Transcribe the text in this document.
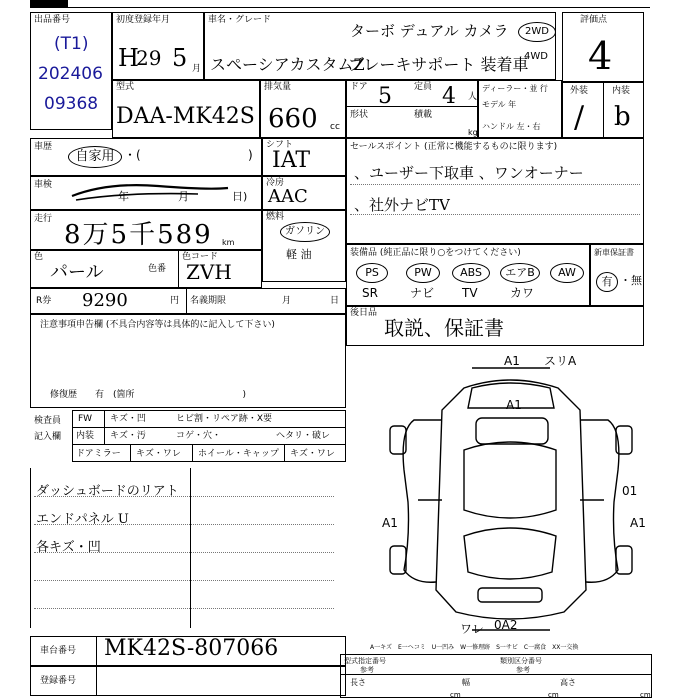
出品番号
(T1)
202406
09368
初度登録年月
H
29 5 月
車名・グレード
スペーシアカスタムZ
ターボ デュアル カメラ
ブレーキサポート 装着車
2WD
4WD
評価点
4
外装	内装
/ b
型式
DAA-MK42S
排気量
660 cc
ドア 5 定員 4 人
形状	積載
kg
ディーラー・並 行
モデル 年
ハンドル 左・右
車歴
自家用 ・(	)
シフト
IAT
セールスポイント (正常に機能するものに限ります)
、ユーザー下取車 、ワンオーナー
、社外ナビTV
車検
年	月	日)
冷房
AAC
走行
8万5千589 km
燃料
ガソリン
軽 油	装備品 (純正品に限り○をつけてください)
PS	PW	ABS	エアB	AW
SR	ナビ TV	カワ
新車保証書
有 ・無
色
パール	色番
色コード
ZVH
R券 9290	円 名義期限	月	日
注意事項申告欄 (不具合内容等は具体的に記入して下さい)
修復歴　　有　(箇所　　　　　　　　　　　　)
後日品
取説、保証書
検査員
記入欄
FW キズ・凹	ヒビ割・リペア跡・X要
内装 キズ・汚	コゲ・穴・	ヘタリ・破レ
ドアミラー キズ・ワレ ホイール・キャップ キズ・ワレ
ダッシュボードのリアト
エンドパネル U
各キズ・凹
A1 スリA
A1
01
A1	A1
ワレ 0A2
A一キズ　E一ヘコミ　U一凹み　W一修理跡　S一サビ　C一腐食　XX一交換
車台番号 MK42S-807066
登録番号
型式指定番号	類別区分番号
参考	参考
長さ	幅	高さ
cm	cm	cm
